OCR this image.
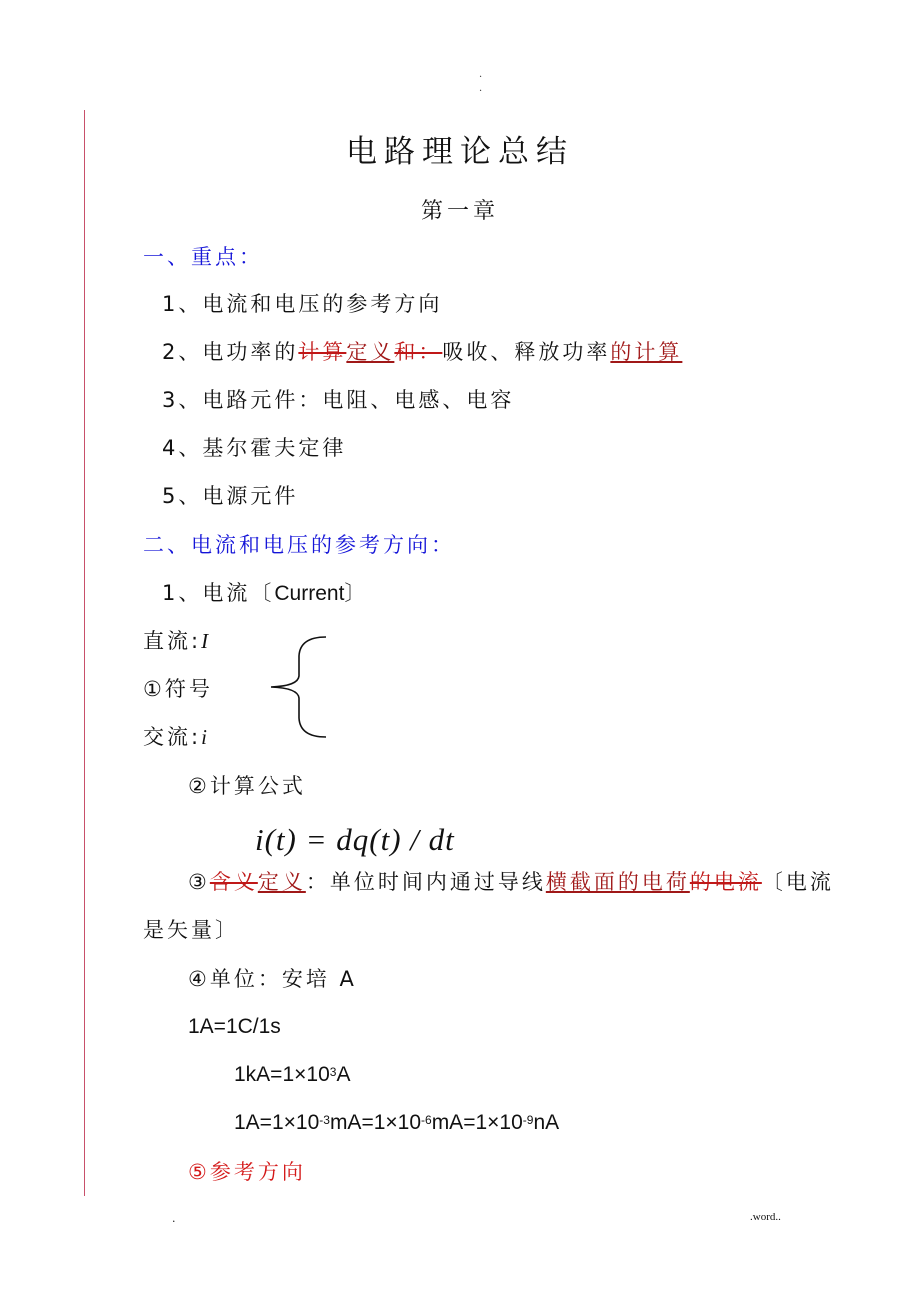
·
·
电路理论总结
第一章
一、重点：
1、电流和电压的参考方向
2、电功率的计算定义和：吸收、释放功率的计算
3、电路元件：电阻、电感、电容
4、基尔霍夫定律
5、电源元件
二、电流和电压的参考方向：
1、电流〔Current〕
直流:I
①符号
交流:i
②计算公式
i(t) = dq(t) / dt
③含义定义：单位时间内通过导线横截面的电荷的电流〔电流
是矢量〕
④单位：安培 A
1A=1C/1s
$1kA=1\times 10^3A$
$1A=1\times 10^{-3}mA=1\times 10^{-6}mA=1\times 10^{-9}nA$
⑤参考方向
.	.word..
